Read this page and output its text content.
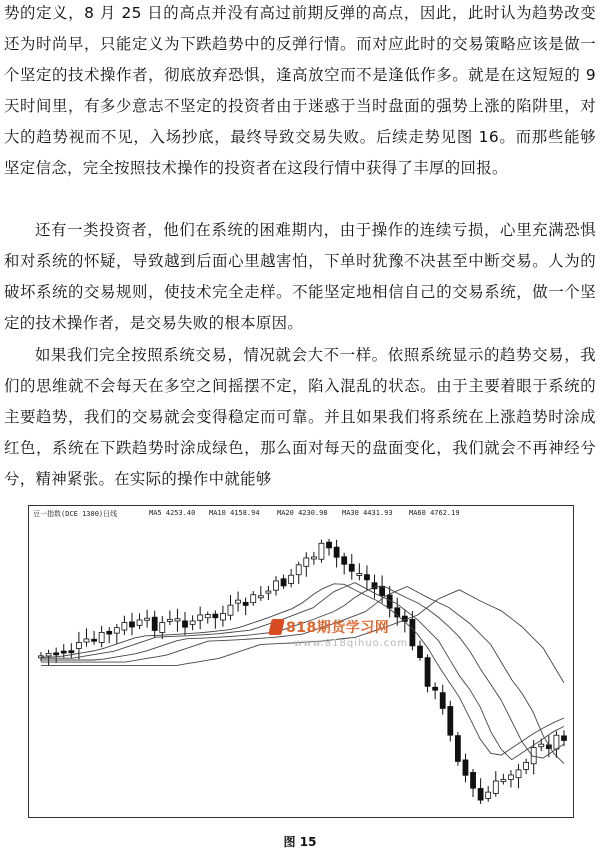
势的定义，8 月 25 日的高点并没有高过前期反弹的高点，因此，此时认为趋势改变还为时尚早，只能定义为下跌趋势中的反弹行情。而对应此时的交易策略应该是做一个坚定的技术操作者，彻底放弃恐惧，逢高放空而不是逢低作多。就是在这短短的 9 天时间里，有多少意志不坚定的投资者由于迷惑于当时盘面的强势上涨的陷阱里，对大的趋势视而不见，入场抄底，最终导致交易失败。后续走势见图 16。而那些能够坚定信念，完全按照技术操作的投资者在这段行情中获得了丰厚的回报。

还有一类投资者，他们在系统的困难期内，由于操作的连续亏损，心里充满恐惧和对系统的怀疑，导致越到后面心里越害怕，下单时犹豫不决甚至中断交易。人为的破坏系统的交易规则，使技术完全走样。不能坚定地相信自己的交易系统，做一个坚定的技术操作者，是交易失败的根本原因。

如果我们完全按照系统交易，情况就会大不一样。依照系统显示的趋势交易，我们的思维就不会每天在多空之间摇摆不定，陷入混乱的状态。由于主要着眼于系统的主要趋势，我们的交易就会变得稳定而可靠。并且如果我们将系统在上涨趋势时涂成红色，系统在下跌趋势时涂成绿色，那么面对每天的盘面变化，我们就会不再神经兮兮，精神紧张。在实际的操作中就能够

豆一指数(DCE 1300)日线	MA5 4253.40 MA10 4158.94 MA20 4230.98 MA30 4431.93 MA60 4762.19
818期货学习网
www.818qihuo.com
图 15
